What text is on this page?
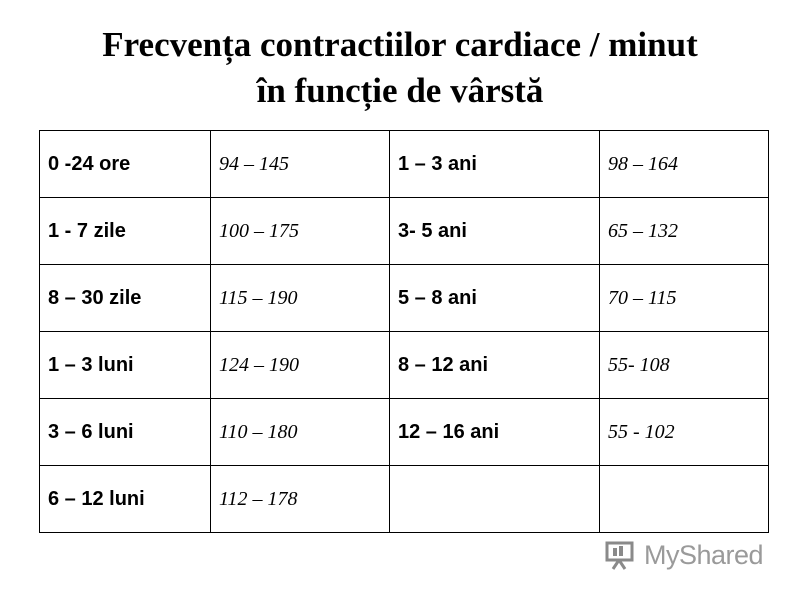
Frecvența contractiilor cardiace / minut
în funcție de vârstă
0 -24 ore	94 – 145	1 – 3 ani	98 – 164
1 - 7 zile	100 – 175	3- 5 ani	65 – 132
8 – 30 zile	115 – 190	5 – 8 ani	70 – 115
1 – 3 luni	124 – 190	8 – 12 ani	55- 108
3 – 6 luni	110 – 180	12 – 16 ani	55 - 102
6 – 12 luni	112 – 178		
MyShared
